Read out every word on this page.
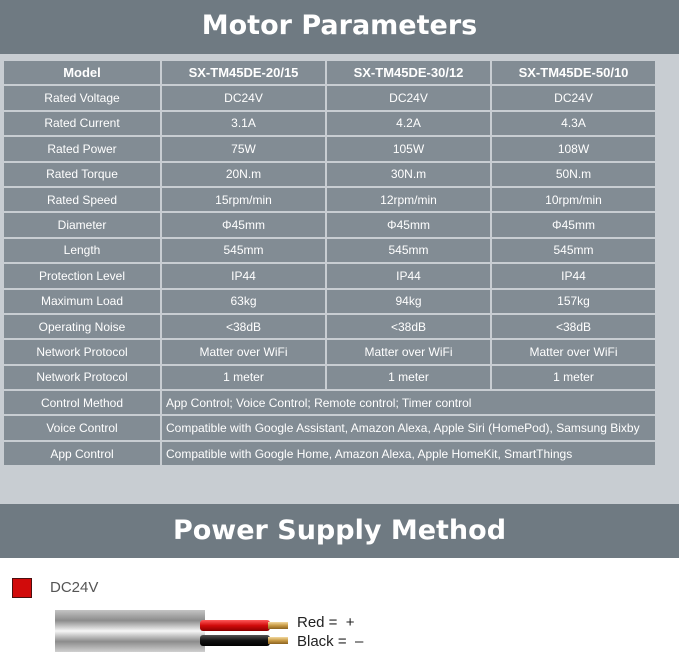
Motor Parameters
Model	SX-TM45DE-20/15	SX-TM45DE-30/12	SX-TM45DE-50/10
Rated Voltage	DC24V	DC24V	DC24V
Rated Current	3.1A	4.2A	4.3A
Rated Power	75W	105W	108W
Rated Torque	20N.m	30N.m	50N.m
Rated Speed	15rpm/min	12rpm/min	10rpm/min
Diameter	Φ45mm	Φ45mm	Φ45mm
Length	545mm	545mm	545mm
Protection Level	IP44	IP44	IP44
Maximum Load	63kg	94kg	157kg
Operating Noise	<38dB	<38dB	<38dB
Network Protocol	Matter over WiFi	Matter over WiFi	Matter over WiFi
Network Protocol	1 meter	1 meter	1 meter
Control Method	App Control; Voice Control; Remote control; Timer control		
Voice Control	Compatible with Google Assistant, Amazon Alexa, Apple Siri (HomePod), Samsung Bixby		
App Control	Compatible with Google Home, Amazon Alexa, Apple HomeKit, SmartThings		
Power Supply Method
DC24V
Red =  +
Black =  –
